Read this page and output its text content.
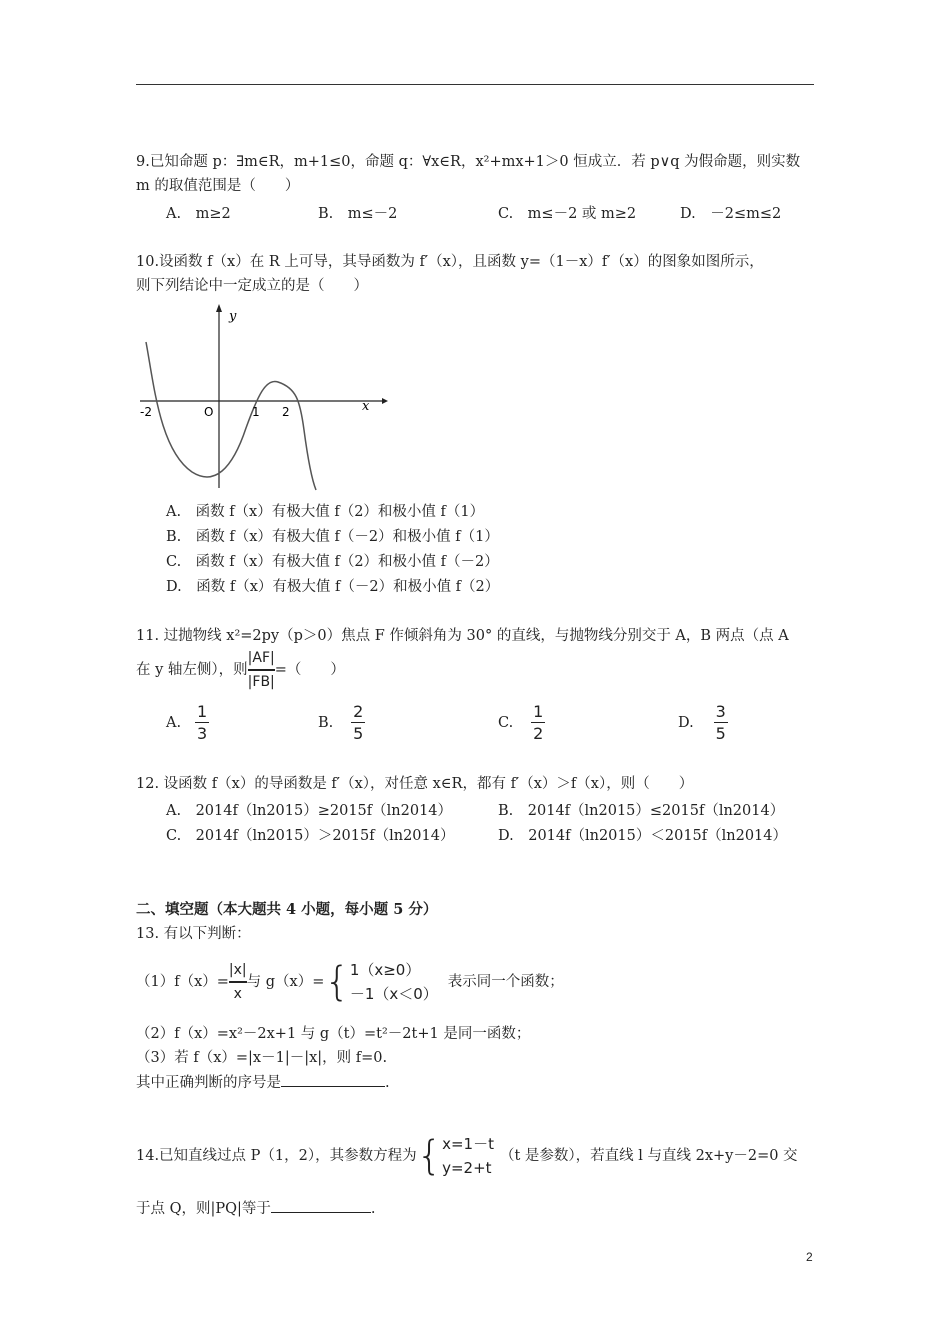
9.已知命题 p：∃m∈R，m+1≤0，命题 q：∀x∈R，x²+mx+1＞0 恒成立．若 p∨q 为假命题，则实数
m 的取值范围是（　　）
A.　m≥2	B.　m≤－2	C.　m≤－2 或 m≥2	D.　－2≤m≤2
10.设函数 f（x）在 R 上可导，其导函数为 f′（x），且函数 y=（1－x）f′（x）的图象如图所示，
则下列结论中一定成立的是（　　）
y
x
-2	O	1 2
A.　函数 f（x）有极大值 f（2）和极小值 f（1）
B.　函数 f（x）有极大值 f（－2）和极小值 f（1）
C.　函数 f（x）有极大值 f（2）和极小值 f（－2）
D.　函数 f（x）有极大值 f（－2）和极小值 f（2）
11. 过抛物线 x²=2py（p＞0）焦点 F 作倾斜角为 30° 的直线，与抛物线分别交于 A，B 两点（点 A
在 y 轴左侧），则
|AF|
|FB|
=（　　）
A.
1
3
B.
2
5
C.
1
2
D.
3
5
12. 设函数 f（x）的导函数是 f′（x），对任意 x∈R，都有 f′（x）＞f（x），则（　　）
A.　2014f（ln2015）≥2015f（ln2014）	B.　2014f（ln2015）≤2015f（ln2014）
C.　2014f（ln2015）＞2015f（ln2014）	D.　2014f（ln2015）＜2015f（ln2014）
二、填空题（本大题共 4 小题，每小题 5 分）
13. 有以下判断：
（1）f（x）=
|x|
x
与 g（x）= { 1（x≥0）
－1（x＜0）
表示同一个函数；
（2）f（x）=x²－2x+1 与 g（t）=t²－2t+1 是同一函数；
（3）若 f（x）=|x－1|－|x|，则 f=0.
其中正确判断的序号是	.
14.已知直线过点 P（1，2），其参数方程为 { x=1－t
y=2+t
（t 是参数），若直线 l 与直线 2x+y－2=0 交
于点 Q，则|PQ|等于	.
2
